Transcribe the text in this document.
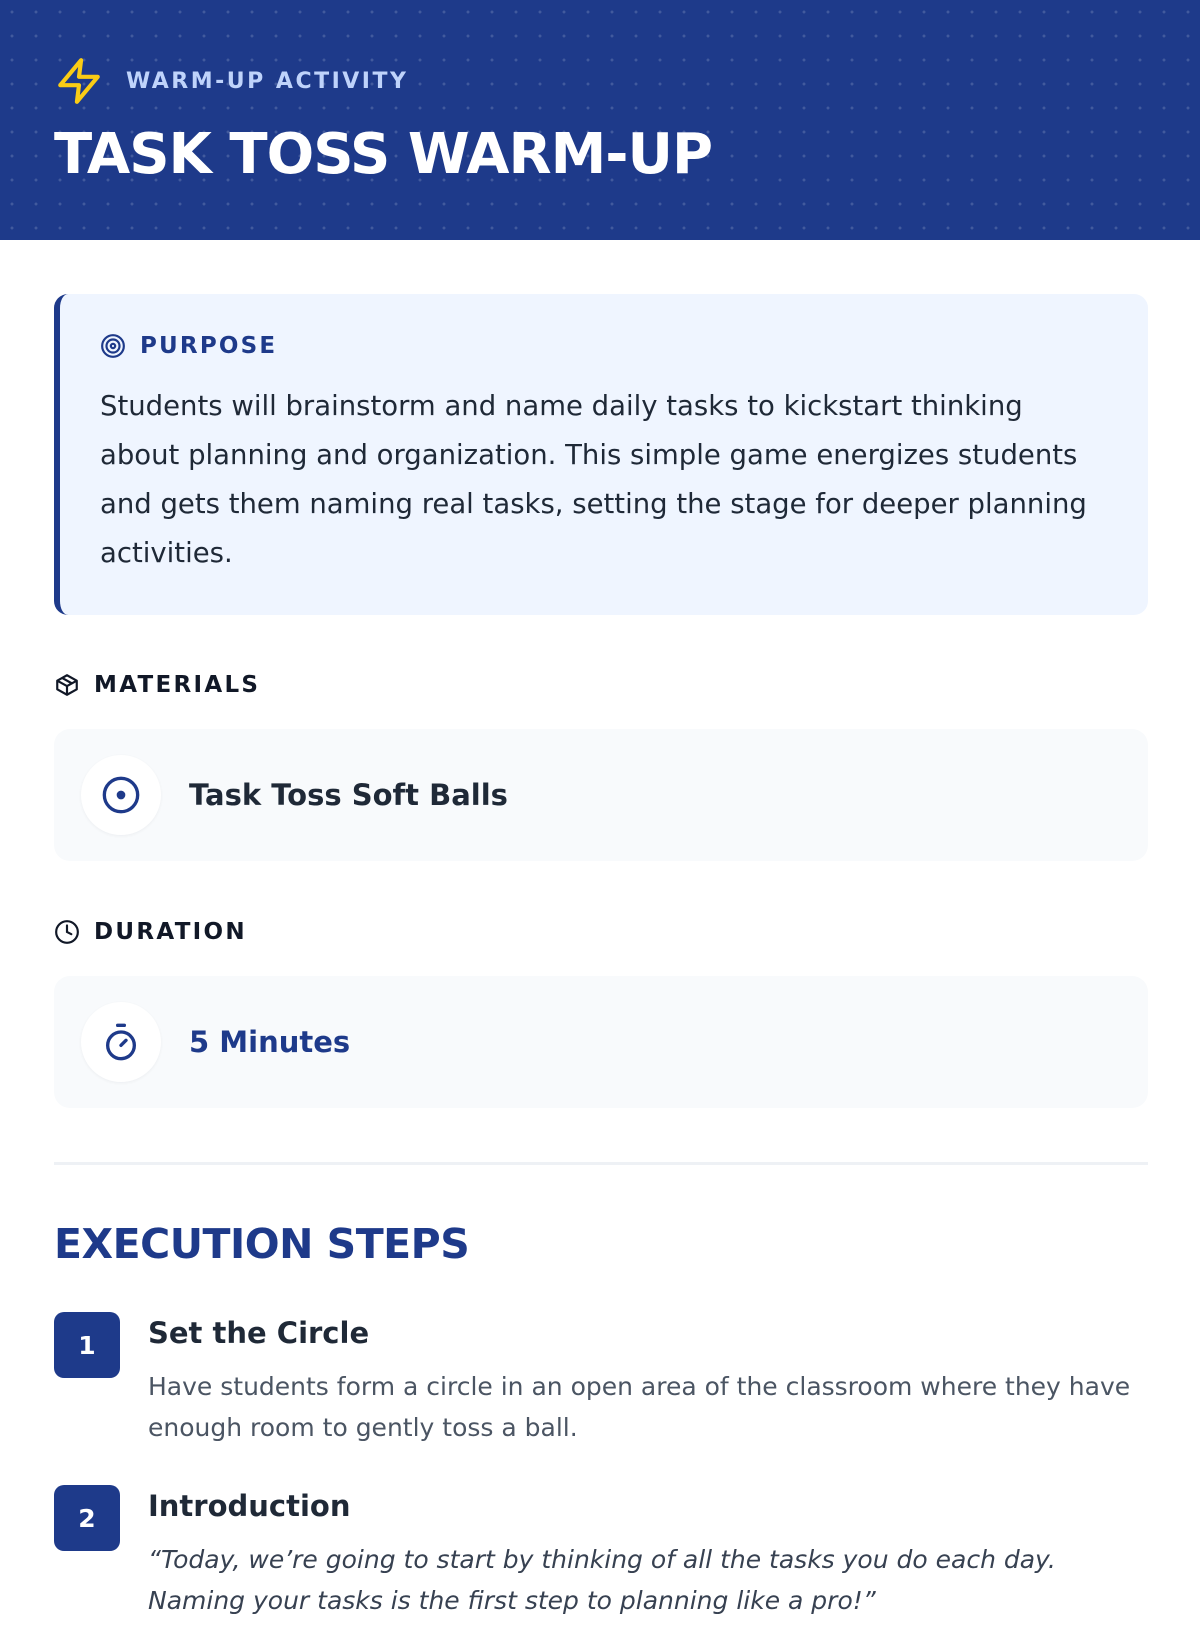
WARM-UP ACTIVITY
TASK TOSS WARM-UP
PURPOSE

Students will brainstorm and name daily tasks to kickstart thinking about planning and organization. This simple game energizes students and gets them naming real tasks, setting the stage for deeper planning activities.

MATERIALS
Task Toss Soft Balls
DURATION
5 Minutes
EXECUTION STEPS
1	Set the Circle
Have students form a circle in an open area of the classroom where they have enough room to gently toss a ball.
2	Introduction
“Today, we’re going to start by thinking of all the tasks you do each day. Naming your tasks is the first step to planning like a pro!”
